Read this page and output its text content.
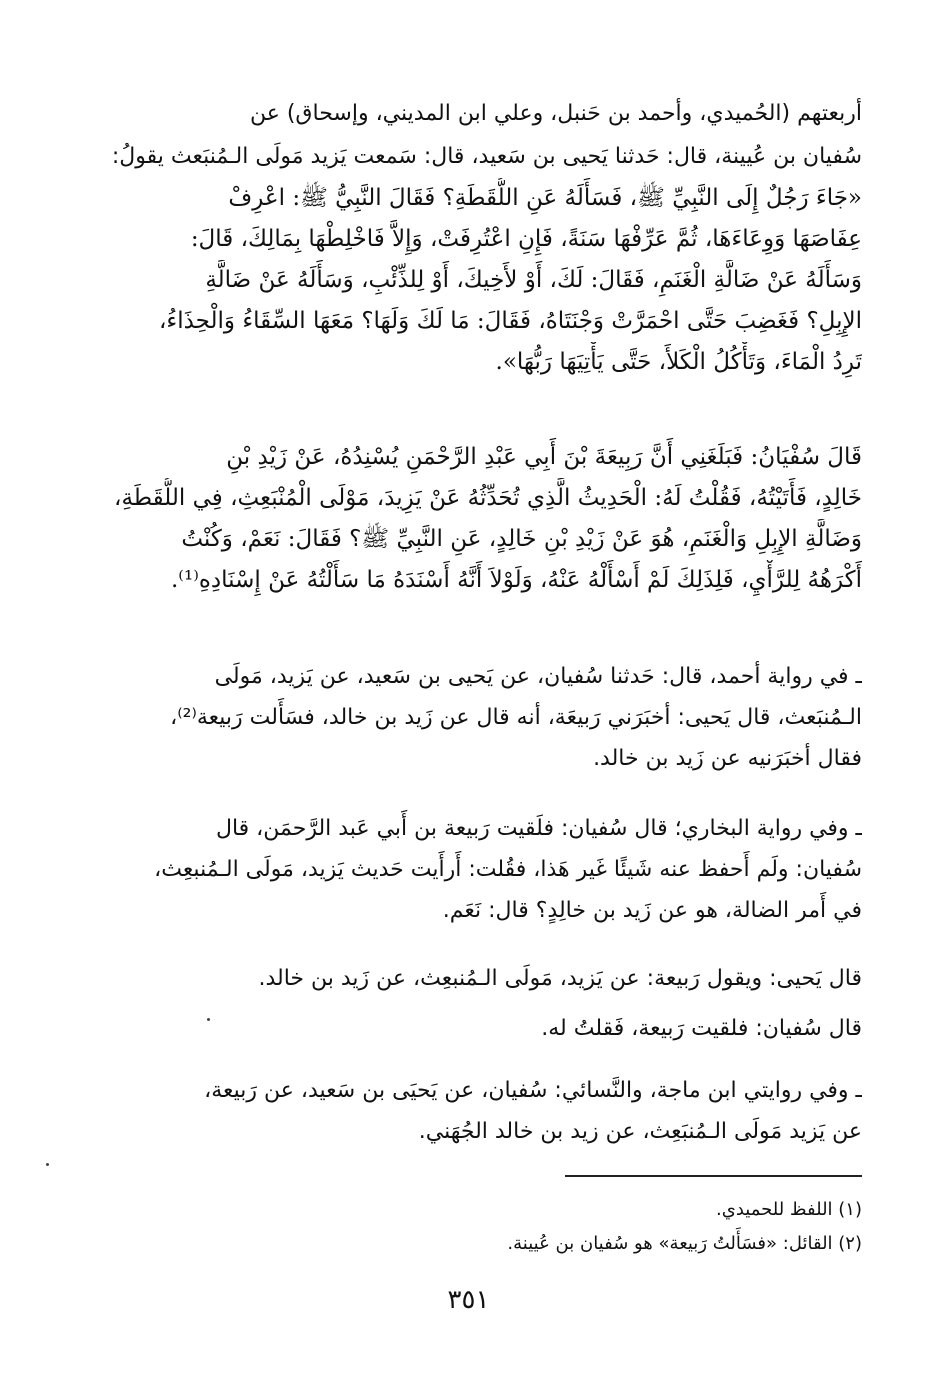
أربعتهم (الحُميدي، وأحمد بن حَنبل، وعلي ابن المديني، وإسحاق) عن
سُفيان بن عُيينة، قال: حَدثنا يَحيى بن سَعيد، قال: سَمعت يَزيد مَولَى الـمُنبَعث يقولُ:
«جَاءَ رَجُلٌ إِلَى النَّبِيِّ ﷺ، فَسَأَلَهُ عَنِ اللُّقَطَةِ؟ فَقَالَ النَّبِيُّ ﷺ: اعْرِفْ
عِفَاصَهَا وَوِعَاءَهَا، ثُمَّ عَرِّفْهَا سَنَةً، فَإِنِ اعْتُرِفَتْ، وَإِلاَّ فَاخْلِطْهَا بِمَالِكَ، قَالَ:
وَسَأَلَهُ عَنْ ضَالَّةِ الْغَنَمِ، فَقَالَ: لَكَ، أَوْ لأَخِيكَ، أَوْ لِلذِّئْبِ، وَسَأَلَهُ عَنْ ضَالَّةِ
الإِبِلِ؟ فَغَضِبَ حَتَّى احْمَرَّتْ وَجْنَتَاهُ، فَقَالَ: مَا لَكَ وَلَهَا؟ مَعَهَا السِّقَاءُ وَالْحِذَاءُ،
تَرِدُ الْمَاءَ، وَتَأْكُلُ الْكَلأَ، حَتَّى يَأْتِيَهَا رَبُّهَا».
قَالَ سُفْيَانُ: فَبَلَغَنِي أَنَّ رَبِيعَةَ بْنَ أَبِي عَبْدِ الرَّحْمَنِ يُسْنِدُهُ، عَنْ زَيْدِ بْنِ
خَالِدٍ، فَأَتَيْتُهُ، فَقُلْتُ لَهُ: الْحَدِيثُ الَّذِي تُحَدِّثُهُ عَنْ يَزِيدَ، مَوْلَى الْمُنْبَعِثِ، فِي اللُّقَطَةِ،
وَضَالَّةِ الإِبِلِ وَالْغَنَمِ، هُوَ عَنْ زَيْدِ بْنِ خَالِدٍ، عَنِ النَّبِيِّ ﷺ؟ فَقَالَ: نَعَمْ، وَكُنْتُ
أَكْرَهُهُ لِلرَّأْيِ، فَلِذَلِكَ لَمْ أَسْأَلْهُ عَنْهُ، وَلَوْلاَ أَنَّهُ أَسْنَدَهُ مَا سَأَلْتُهُ عَنْ إِسْنَادِهِ⁽¹⁾.
ـ في رواية أحمد، قال: حَدثنا سُفيان، عن يَحيى بن سَعيد، عن يَزيد، مَولَى
الـمُنبَعث، قال يَحيى: أخبَرَني رَبيعَة، أنه قال عن زَيد بن خالد، فسَأَلت رَبيعة⁽²⁾،
فقال أخبَرَنيه عن زَيد بن خالد.
ـ وفي رواية البخاري؛ قال سُفيان: فلَقيت رَبيعة بن أَبي عَبد الرَّحمَن، قال
سُفيان: ولَم أَحفظ عنه شَيئًا غَير هَذا، فقُلت: أَرأَيت حَديث يَزيد، مَولَى الـمُنبعِث،
في أَمر الضالة، هو عن زَيد بن خالِدٍ؟ قال: نَعَم.
قال يَحيى: ويقول رَبيعة: عن يَزيد، مَولَى الـمُنبعِث، عن زَيد بن خالد.
قال سُفيان: فلقيت رَبيعة، فَقلتُ له.
ـ وفي روايتي ابن ماجة، والنَّسائي: سُفيان، عن يَحيَى بن سَعيد، عن رَبيعة،
عن يَزيد مَولَى الـمُنبَعِث، عن زيد بن خالد الجُهَني.
(١) اللفظ للحميدي.
(٢) القائل: «فسَأَلتُ رَبيعة» هو سُفيان بن عُيينة.
٣٥١
